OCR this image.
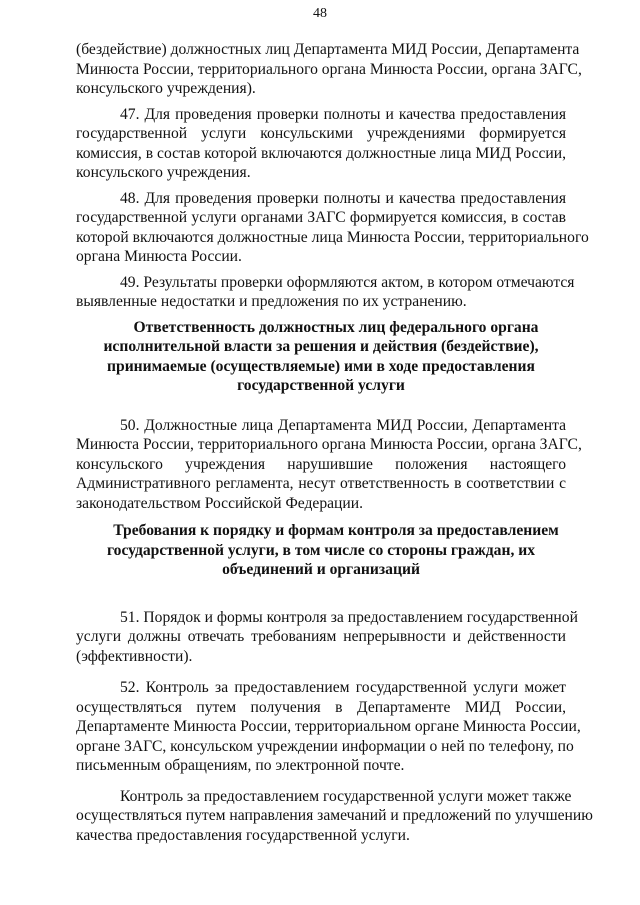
48
(бездействие) должностных лиц Департамента МИД России, Департамента
Минюста России, территориального органа Минюста России, органа ЗАГС,
консульского учреждения).
47. Для проведения проверки полноты и качества предоставления
государственной услуги консульскими учреждениями формируется
комиссия, в состав которой включаются должностные лица МИД России,
консульского учреждения.
48. Для проведения проверки полноты и качества предоставления
государственной услуги органами ЗАГС формируется комиссия, в состав
которой включаются должностные лица Минюста России, территориального
органа Минюста России.
49. Результаты проверки оформляются актом, в котором отмечаются
выявленные недостатки и предложения по их устранению.
Ответственность должностных лиц федерального органа
исполнительной власти за решения и действия (бездействие),
принимаемые (осуществляемые) ими в ходе предоставления
государственной услуги
50. Должностные лица Департамента МИД России, Департамента
Минюста России, территориального органа Минюста России, органа ЗАГС,
консульского учреждения нарушившие положения настоящего
Административного регламента, несут ответственность в соответствии с
законодательством Российской Федерации.
Требования к порядку и формам контроля за предоставлением
государственной услуги, в том числе со стороны граждан, их
объединений и организаций
51. Порядок и формы контроля за предоставлением государственной
услуги должны отвечать требованиям непрерывности и действенности
(эффективности).
52. Контроль за предоставлением государственной услуги может
осуществляться путем получения в Департаменте МИД России,
Департаменте Минюста России, территориальном органе Минюста России,
органе ЗАГС, консульском учреждении информации о ней по телефону, по
письменным обращениям, по электронной почте.
Контроль за предоставлением государственной услуги может также
осуществляться путем направления замечаний и предложений по улучшению
качества предоставления государственной услуги.
